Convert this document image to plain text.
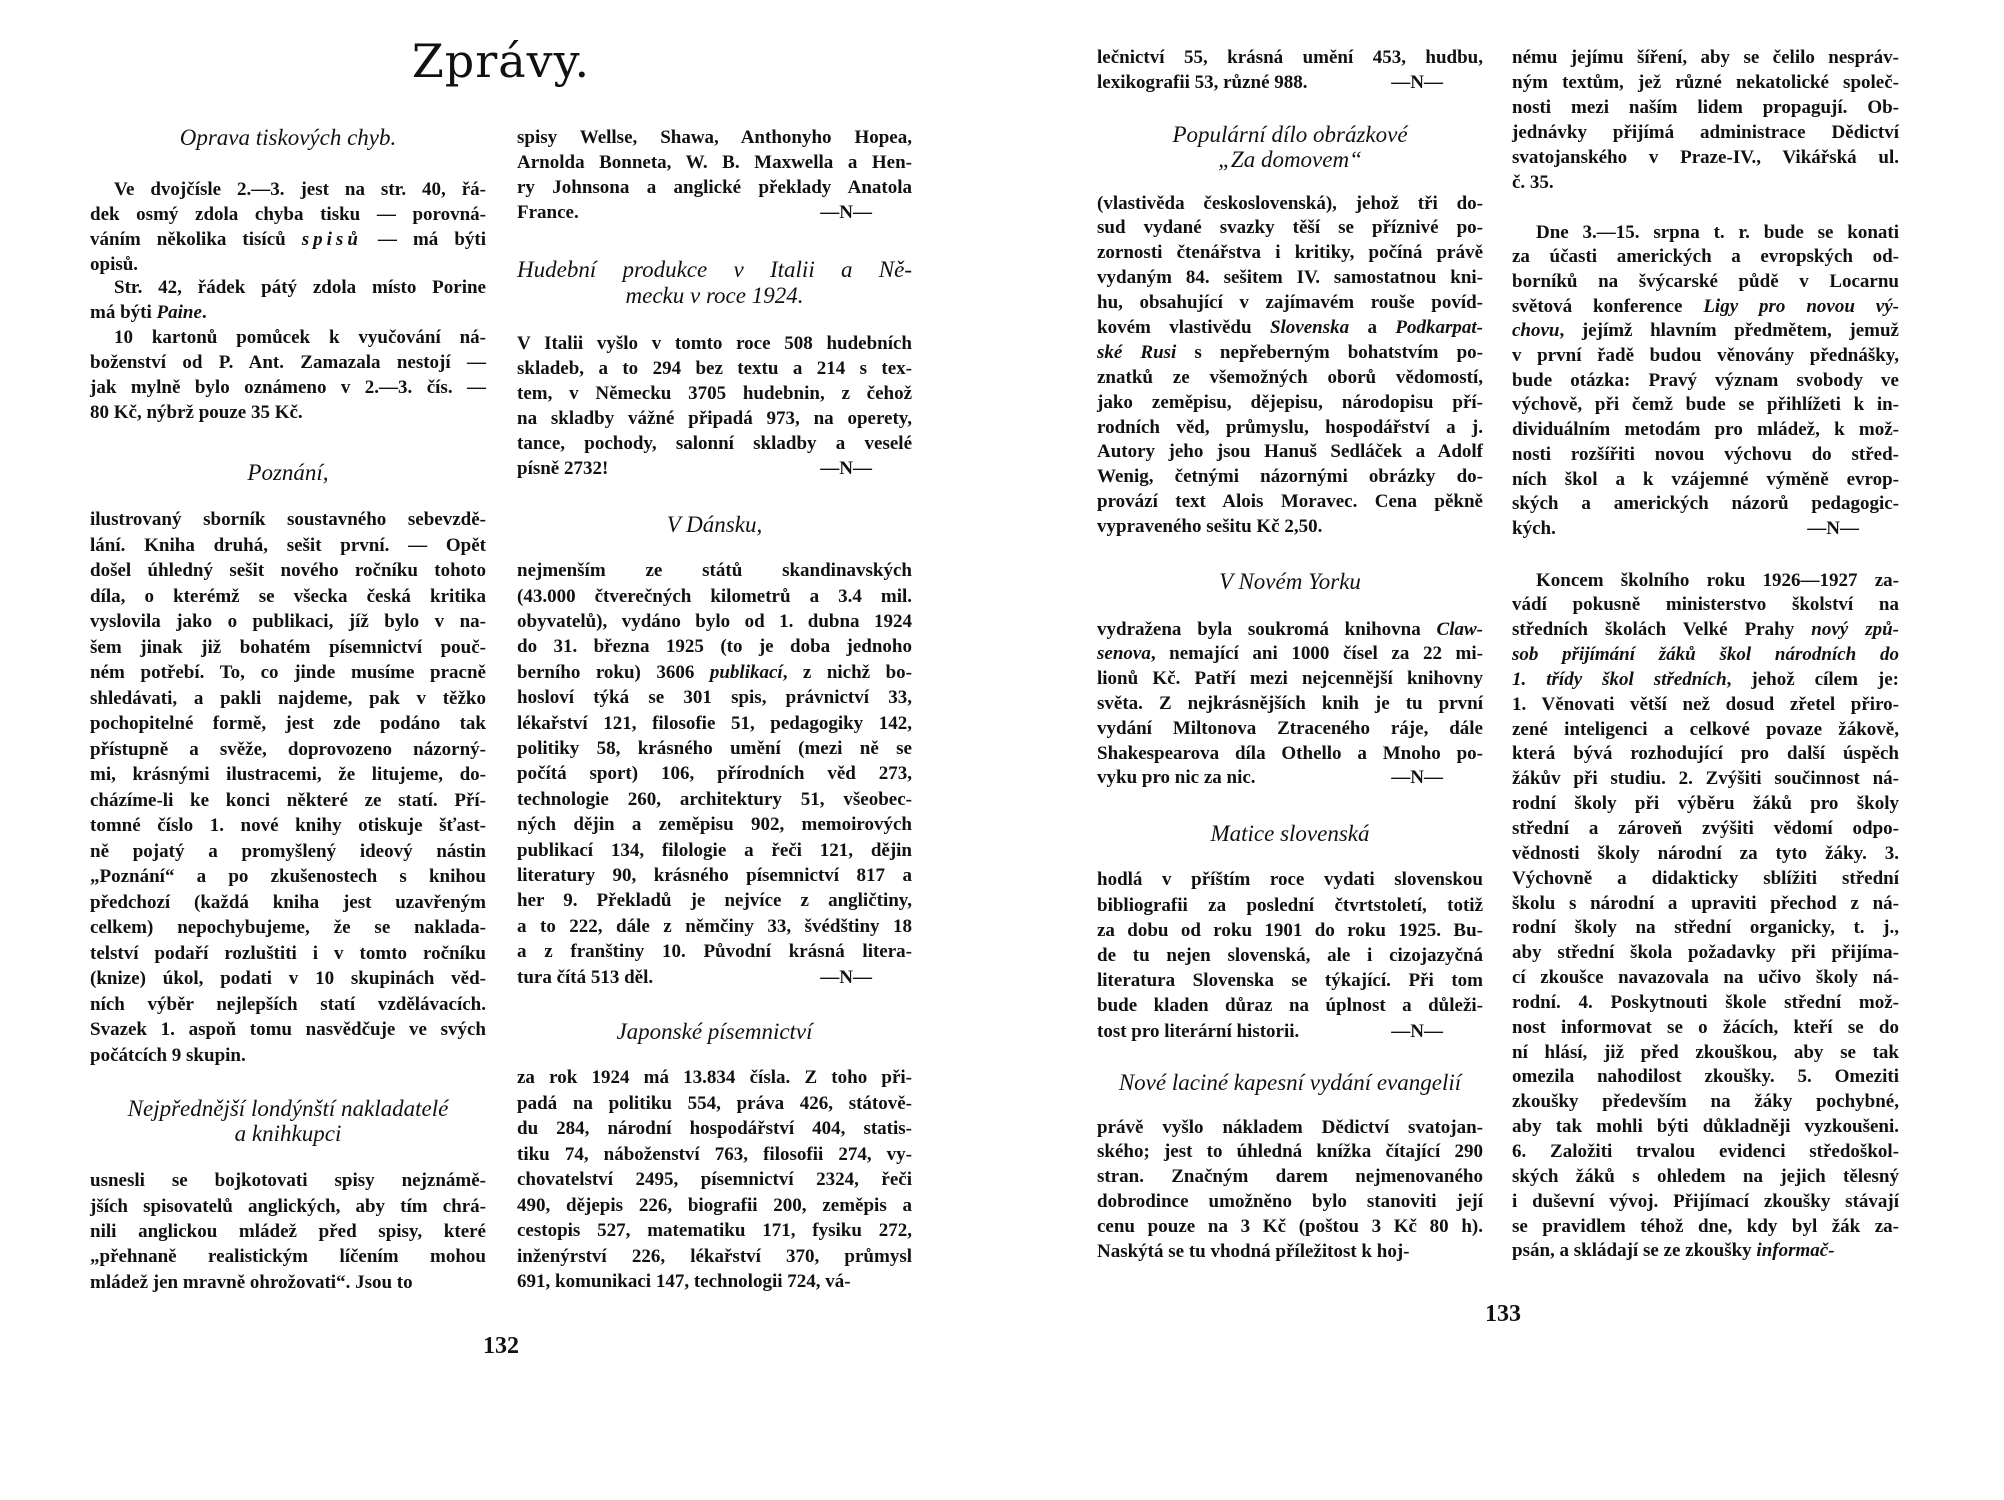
Zprávy.
132
133
Oprava tiskových chyb.
Ve dvojčísle 2.—3. jest na str. 40, řá-
dek osmý zdola chyba tisku — porovná-
váním několika tisíců spisů — má býti
opisů.
Str. 42, řádek pátý zdola místo Porine
má býti Paine.
10 kartonů pomůcek k vyučování ná-
boženství od P. Ant. Zamazala nestojí —
jak mylně bylo oznámeno v 2.—3. čís. —
80 Kč, nýbrž pouze 35 Kč.
Poznání,
ilustrovaný sborník soustavného sebevzdě-
lání. Kniha druhá, sešit první. — Opět
došel úhledný sešit nového ročníku tohoto
díla, o kterémž se všecka česká kritika
vyslovila jako o publikaci, jíž bylo v na-
šem jinak již bohatém písemnictví pouč-
ném potřebí. To, co jinde musíme pracně
shledávati, a pakli najdeme, pak v těžko
pochopitelné formě, jest zde podáno tak
přístupně a svěže, doprovozeno názorný-
mi, krásnými ilustracemi, že litujeme, do-
cházíme-li ke konci některé ze statí. Pří-
tomné číslo 1. nové knihy otiskuje šťast-
ně pojatý a promyšlený ideový nástin
„Poznání“ a po zkušenostech s knihou
předchozí (každá kniha jest uzavřeným
celkem) nepochybujeme, že se naklada-
telství podaří rozluštiti i v tomto ročníku
(knize) úkol, podati v 10 skupinách věd-
ních výběr nejlepších statí vzdělávacích.
Svazek 1. aspoň tomu nasvědčuje ve svých
počátcích 9 skupin.
Nejpřednější londýnští nakladatelé
a knihkupci
usnesli se bojkotovati spisy nejznámě-
jších spisovatelů anglických, aby tím chrá-
nili anglickou mládež před spisy, které
„přehnaně realistickým líčením mohou
mládež jen mravně ohrožovati“. Jsou to
spisy Wellse, Shawa, Anthonyho Hopea,
Arnolda Bonneta, W. B. Maxwella a Hen-
ry Johnsona a anglické překlady Anatola
France.	—N—
Hudební produkce v Italii a Ně-
mecku v roce 1924.
V Italii vyšlo v tomto roce 508 hudebních
skladeb, a to 294 bez textu a 214 s tex-
tem, v Německu 3705 hudebnin, z čehož
na skladby vážné připadá 973, na operety,
tance, pochody, salonní skladby a veselé
písně 2732!	—N—
V Dánsku,
nejmenším ze států skandinavských
(43.000 čtverečných kilometrů a 3.4 mil.
obyvatelů), vydáno bylo od 1. dubna 1924
do 31. března 1925 (to je doba jednoho
berního roku) 3606 publikací, z nichž bo-
hosloví týká se 301 spis, právnictví 33,
lékařství 121, filosofie 51, pedagogiky 142,
politiky 58, krásného umění (mezi ně se
počítá sport) 106, přírodních věd 273,
technologie 260, architektury 51, všeobec-
ných dějin a zeměpisu 902, memoirových
publikací 134, filologie a řeči 121, dějin
literatury 90, krásného písemnictví 817 a
her 9. Překladů je nejvíce z angličtiny,
a to 222, dále z němčiny 33, švédštiny 18
a z franštiny 10. Původní krásná litera-
tura čítá 513 děl.	—N—
Japonské písemnictví
za rok 1924 má 13.834 čísla. Z toho při-
padá na politiku 554, práva 426, státově-
du 284, národní hospodářství 404, statis-
tiku 74, náboženství 763, filosofii 274, vy-
chovatelství 2495, písemnictví 2324, řeči
490, dějepis 226, biografii 200, zeměpis a
cestopis 527, matematiku 171, fysiku 272,
inženýrství 226, lékařství 370, průmysl
691, komunikaci 147, technologii 724, vá-
lečnictví 55, krásná umění 453, hudbu,
lexikografii 53, různé 988.	—N—
Populární dílo obrázkové
„Za domovem“
(vlastivěda československá), jehož tři do-
sud vydané svazky těší se příznivé po-
zornosti čtenářstva i kritiky, počíná právě
vydaným 84. sešitem IV. samostatnou kni-
hu, obsahující v zajímavém rouše povíd-
kovém vlastivědu Slovenska a Podkarpat-
ské Rusi s nepřeberným bohatstvím po-
znatků ze všemožných oborů vědomostí,
jako zeměpisu, dějepisu, národopisu pří-
rodních věd, průmyslu, hospodářství a j.
Autory jeho jsou Hanuš Sedláček a Adolf
Wenig, četnými názornými obrázky do-
provází text Alois Moravec. Cena pěkně
vypraveného sešitu Kč 2,50.
V Novém Yorku
vydražena byla soukromá knihovna Claw-
senova, nemající ani 1000 čísel za 22 mi-
lionů Kč. Patří mezi nejcennější knihovny
světa. Z nejkrásnějších knih je tu první
vydání Miltonova Ztraceného ráje, dále
Shakespearova díla Othello a Mnoho po-
vyku pro nic za nic.	—N—
Matice slovenská
hodlá v příštím roce vydati slovenskou
bibliografii za poslední čtvrtstoletí, totiž
za dobu od roku 1901 do roku 1925. Bu-
de tu nejen slovenská, ale i cizojazyčná
literatura Slovenska se týkající. Při tom
bude kladen důraz na úplnost a důleži-
tost pro literární historii.	—N—
Nové laciné kapesní vydání evangelií
právě vyšlo nákladem Dědictví svatojan-
ského; jest to úhledná knížka čítající 290
stran. Značným darem nejmenovaného
dobrodince umožněno bylo stanoviti její
cenu pouze na 3 Kč (poštou 3 Kč 80 h).
Naskýtá se tu vhodná příležitost k hoj-
nému jejímu šíření, aby se čelilo nespráv-
ným textům, jež různé nekatolické společ-
nosti mezi naším lidem propagují. Ob-
jednávky přijímá administrace Dědictví
svatojanského v Praze-IV., Vikářská ul.
č. 35.
Dne 3.—15. srpna t. r. bude se konati
za účasti amerických a evropských od-
borníků na švýcarské půdě v Locarnu
světová konference Ligy pro novou vý-
chovu, jejímž hlavním předmětem, jemuž
v první řadě budou věnovány přednášky,
bude otázka: Pravý význam svobody ve
výchově, při čemž bude se přihlížeti k in-
dividuálním metodám pro mládež, k mož-
nosti rozšířiti novou výchovu do střed-
ních škol a k vzájemné výměně evrop-
ských a amerických názorů pedagogic-
kých.	—N—
Koncem školního roku 1926—1927 za-
vádí pokusně ministerstvo školství na
středních školách Velké Prahy nový způ-
sob přijímání žáků škol národních do
1. třídy škol středních, jehož cílem je:
1. Věnovati větší než dosud zřetel přiro-
zené inteligenci a celkové povaze žákově,
která bývá rozhodující pro další úspěch
žákův při studiu. 2. Zvýšiti součinnost ná-
rodní školy při výběru žáků pro školy
střední a zároveň zvýšiti vědomí odpo-
vědnosti školy národní za tyto žáky. 3.
Výchovně a didakticky sblížiti střední
školu s národní a upraviti přechod z ná-
rodní školy na střední organicky, t. j.,
aby střední škola požadavky při přijíma-
cí zkoušce navazovala na učivo školy ná-
rodní. 4. Poskytnouti škole střední mož-
nost informovat se o žácích, kteří se do
ní hlásí, již před zkouškou, aby se tak
omezila nahodilost zkoušky. 5. Omeziti
zkoušky především na žáky pochybné,
aby tak mohli býti důkladněji vyzkoušeni.
6. Založiti trvalou evidenci středoškol-
ských žáků s ohledem na jejich tělesný
i duševní vývoj. Přijímací zkoušky stávají
se pravidlem téhož dne, kdy byl žák za-
psán, a skládají se ze zkoušky informač-
